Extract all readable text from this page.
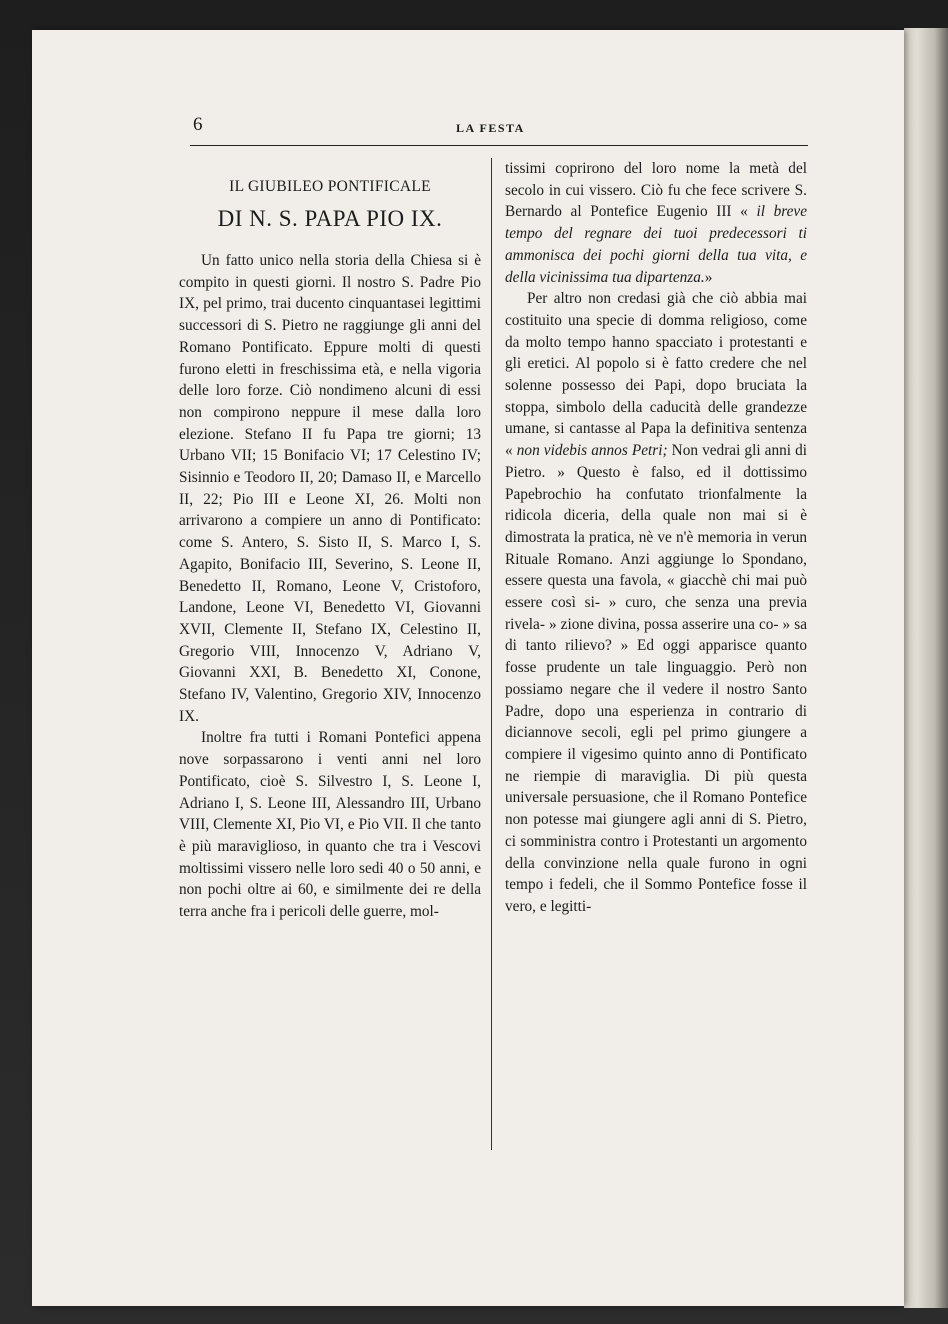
6	LA FESTA
IL GIUBILEO PONTIFICALE
DI N. S. PAPA PIO IX.

Un fatto unico nella storia della Chiesa si è compito in questi giorni. Il nostro S. Padre Pio IX, pel primo, trai ducento cinquantasei legittimi successori di S. Pietro ne raggiunge gli anni del Romano Pontificato. Eppure molti di questi furono eletti in freschissima età, e nella vigoria delle loro forze. Ciò nondimeno alcuni di essi non compirono neppure il mese dalla loro elezione. Stefano II fu Papa tre giorni; 13 Urbano VII; 15 Bonifacio VI; 17 Celestino IV; Sisinnio e Teodoro II, 20; Damaso II, e Marcello II, 22; Pio III e Leone XI, 26. Molti non arrivarono a compiere un anno di Pontificato: come S. Antero, S. Sisto II, S. Marco I, S. Agapito, Bonifacio III, Severino, S. Leone II, Benedetto II, Romano, Leone V, Cristoforo, Landone, Leone VI, Benedetto VI, Giovanni XVII, Clemente II, Stefano IX, Celestino II, Gregorio VIII, Innocenzo V, Adriano V, Giovanni XXI, B. Benedetto XI, Conone, Stefano IV, Valentino, Gregorio XIV, Innocenzo IX.

Inoltre fra tutti i Romani Pontefici appena nove sorpassarono i venti anni nel loro Pontificato, cioè S. Silvestro I, S. Leone I, Adriano I, S. Leone III, Alessandro III, Urbano VIII, Clemente XI, Pio VI, e Pio VII. Il che tanto è più maraviglioso, in quanto che tra i Vescovi moltissimi vissero nelle loro sedi 40 o 50 anni, e non pochi oltre ai 60, e similmente dei re della terra anche fra i pericoli delle guerre, mol-

tissimi coprirono del loro nome la metà del secolo in cui vissero. Ciò fu che fece scrivere S. Bernardo al Pontefice Eugenio III « il breve tempo del regnare dei tuoi predecessori ti ammonisca dei pochi giorni della tua vita, e della vicinissima tua dipartenza.»

Per altro non credasi già che ciò abbia mai costituito una specie di domma religioso, come da molto tempo hanno spacciato i protestanti e gli eretici. Al popolo si è fatto credere che nel solenne possesso dei Papi, dopo bruciata la stoppa, simbolo della caducità delle grandezze umane, si cantasse al Papa la definitiva sentenza « non videbis annos Petri; Non vedrai gli anni di Pietro. » Questo è falso, ed il dottissimo Papebrochio ha confutato trionfalmente la ridicola diceria, della quale non mai si è dimostrata la pratica, nè ve n'è memoria in verun Rituale Romano. Anzi aggiunge lo Spondano, essere questa una favola, « giacchè chi mai può essere così si- » curo, che senza una previa rivela- » zione divina, possa asserire una co- » sa di tanto rilievo? » Ed oggi apparisce quanto fosse prudente un tale linguaggio. Però non possiamo negare che il vedere il nostro Santo Padre, dopo una esperienza in contrario di diciannove secoli, egli pel primo giungere a compiere il vigesimo quinto anno di Pontificato ne riempie di maraviglia. Di più questa universale persuasione, che il Romano Pontefice non potesse mai giungere agli anni di S. Pietro, ci somministra contro i Protestanti un argomento della convinzione nella quale furono in ogni tempo i fedeli, che il Sommo Pontefice fosse il vero, e legitti-
